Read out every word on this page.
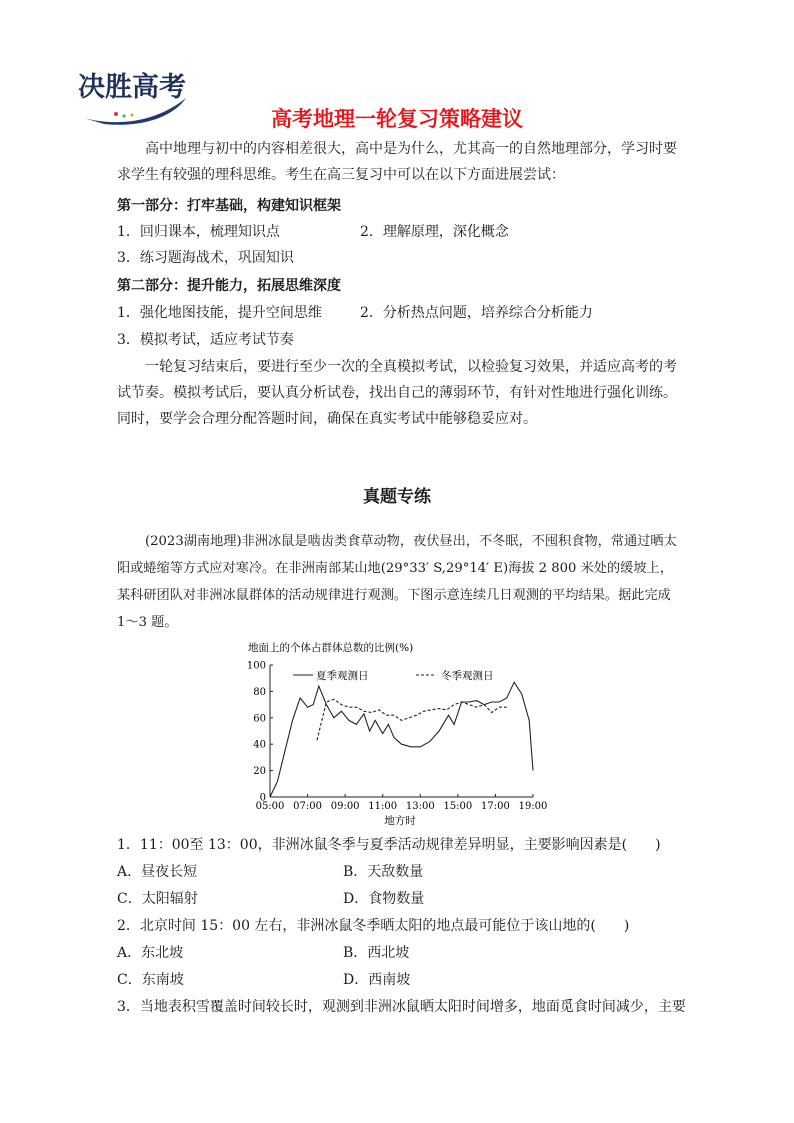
决胜高考
高考地理一轮复习策略建议

高中地理与初中的内容相差很大，高中是为什么，尤其高一的自然地理部分，学习时要求学生有较强的理科思维。考生在高三复习中可以在以下方面进展尝试：

第一部分：打牢基础，构建知识框架
1．回归课本，梳理知识点	2．理解原理，深化概念
3．练习题海战术，巩固知识
第二部分：提升能力，拓展思维深度
1．强化地图技能，提升空间思维	2．分析热点问题，培养综合分析能力
3．模拟考试，适应考试节奏

一轮复习结束后，要进行至少一次的全真模拟考试，以检验复习效果，并适应高考的考试节奏。模拟考试后，要认真分析试卷，找出自己的薄弱环节，有针对性地进行强化训练。同时，要学会合理分配答题时间，确保在真实考试中能够稳妥应对。

真题专练

(2023湖南地理)非洲冰鼠是啮齿类食草动物，夜伏昼出，不冬眠，不囤积食物，常通过晒太阳或蜷缩等方式应对寒冷。在非洲南部某山地(29°33′ S,29°14′ E)海拔 2 800 米处的缓坡上，某科研团队对非洲冰鼠群体的活动规律进行观测。下图示意连续几日观测的平均结果。据此完成 1～3 题。

地面上的个体占群体总数的比例(%)
夏季观测日	冬季观测日
0
20
40
60
80
100
05:00 07:00 09:00 11:00 13:00 15:00 17:00 19:00
地方时
1．11：00至 13：00，非洲冰鼠冬季与夏季活动规律差异明显，主要影响因素是(　　)
A．昼夜长短	B．天敌数量
C．太阳辐射	D．食物数量
2．北京时间 15：00 左右，非洲冰鼠冬季晒太阳的地点最可能位于该山地的(　　)
A．东北坡	B．西北坡
C．东南坡	D．西南坡
3．当地表积雪覆盖时间较长时，观测到非洲冰鼠晒太阳时间增多，地面觅食时间减少，主要
